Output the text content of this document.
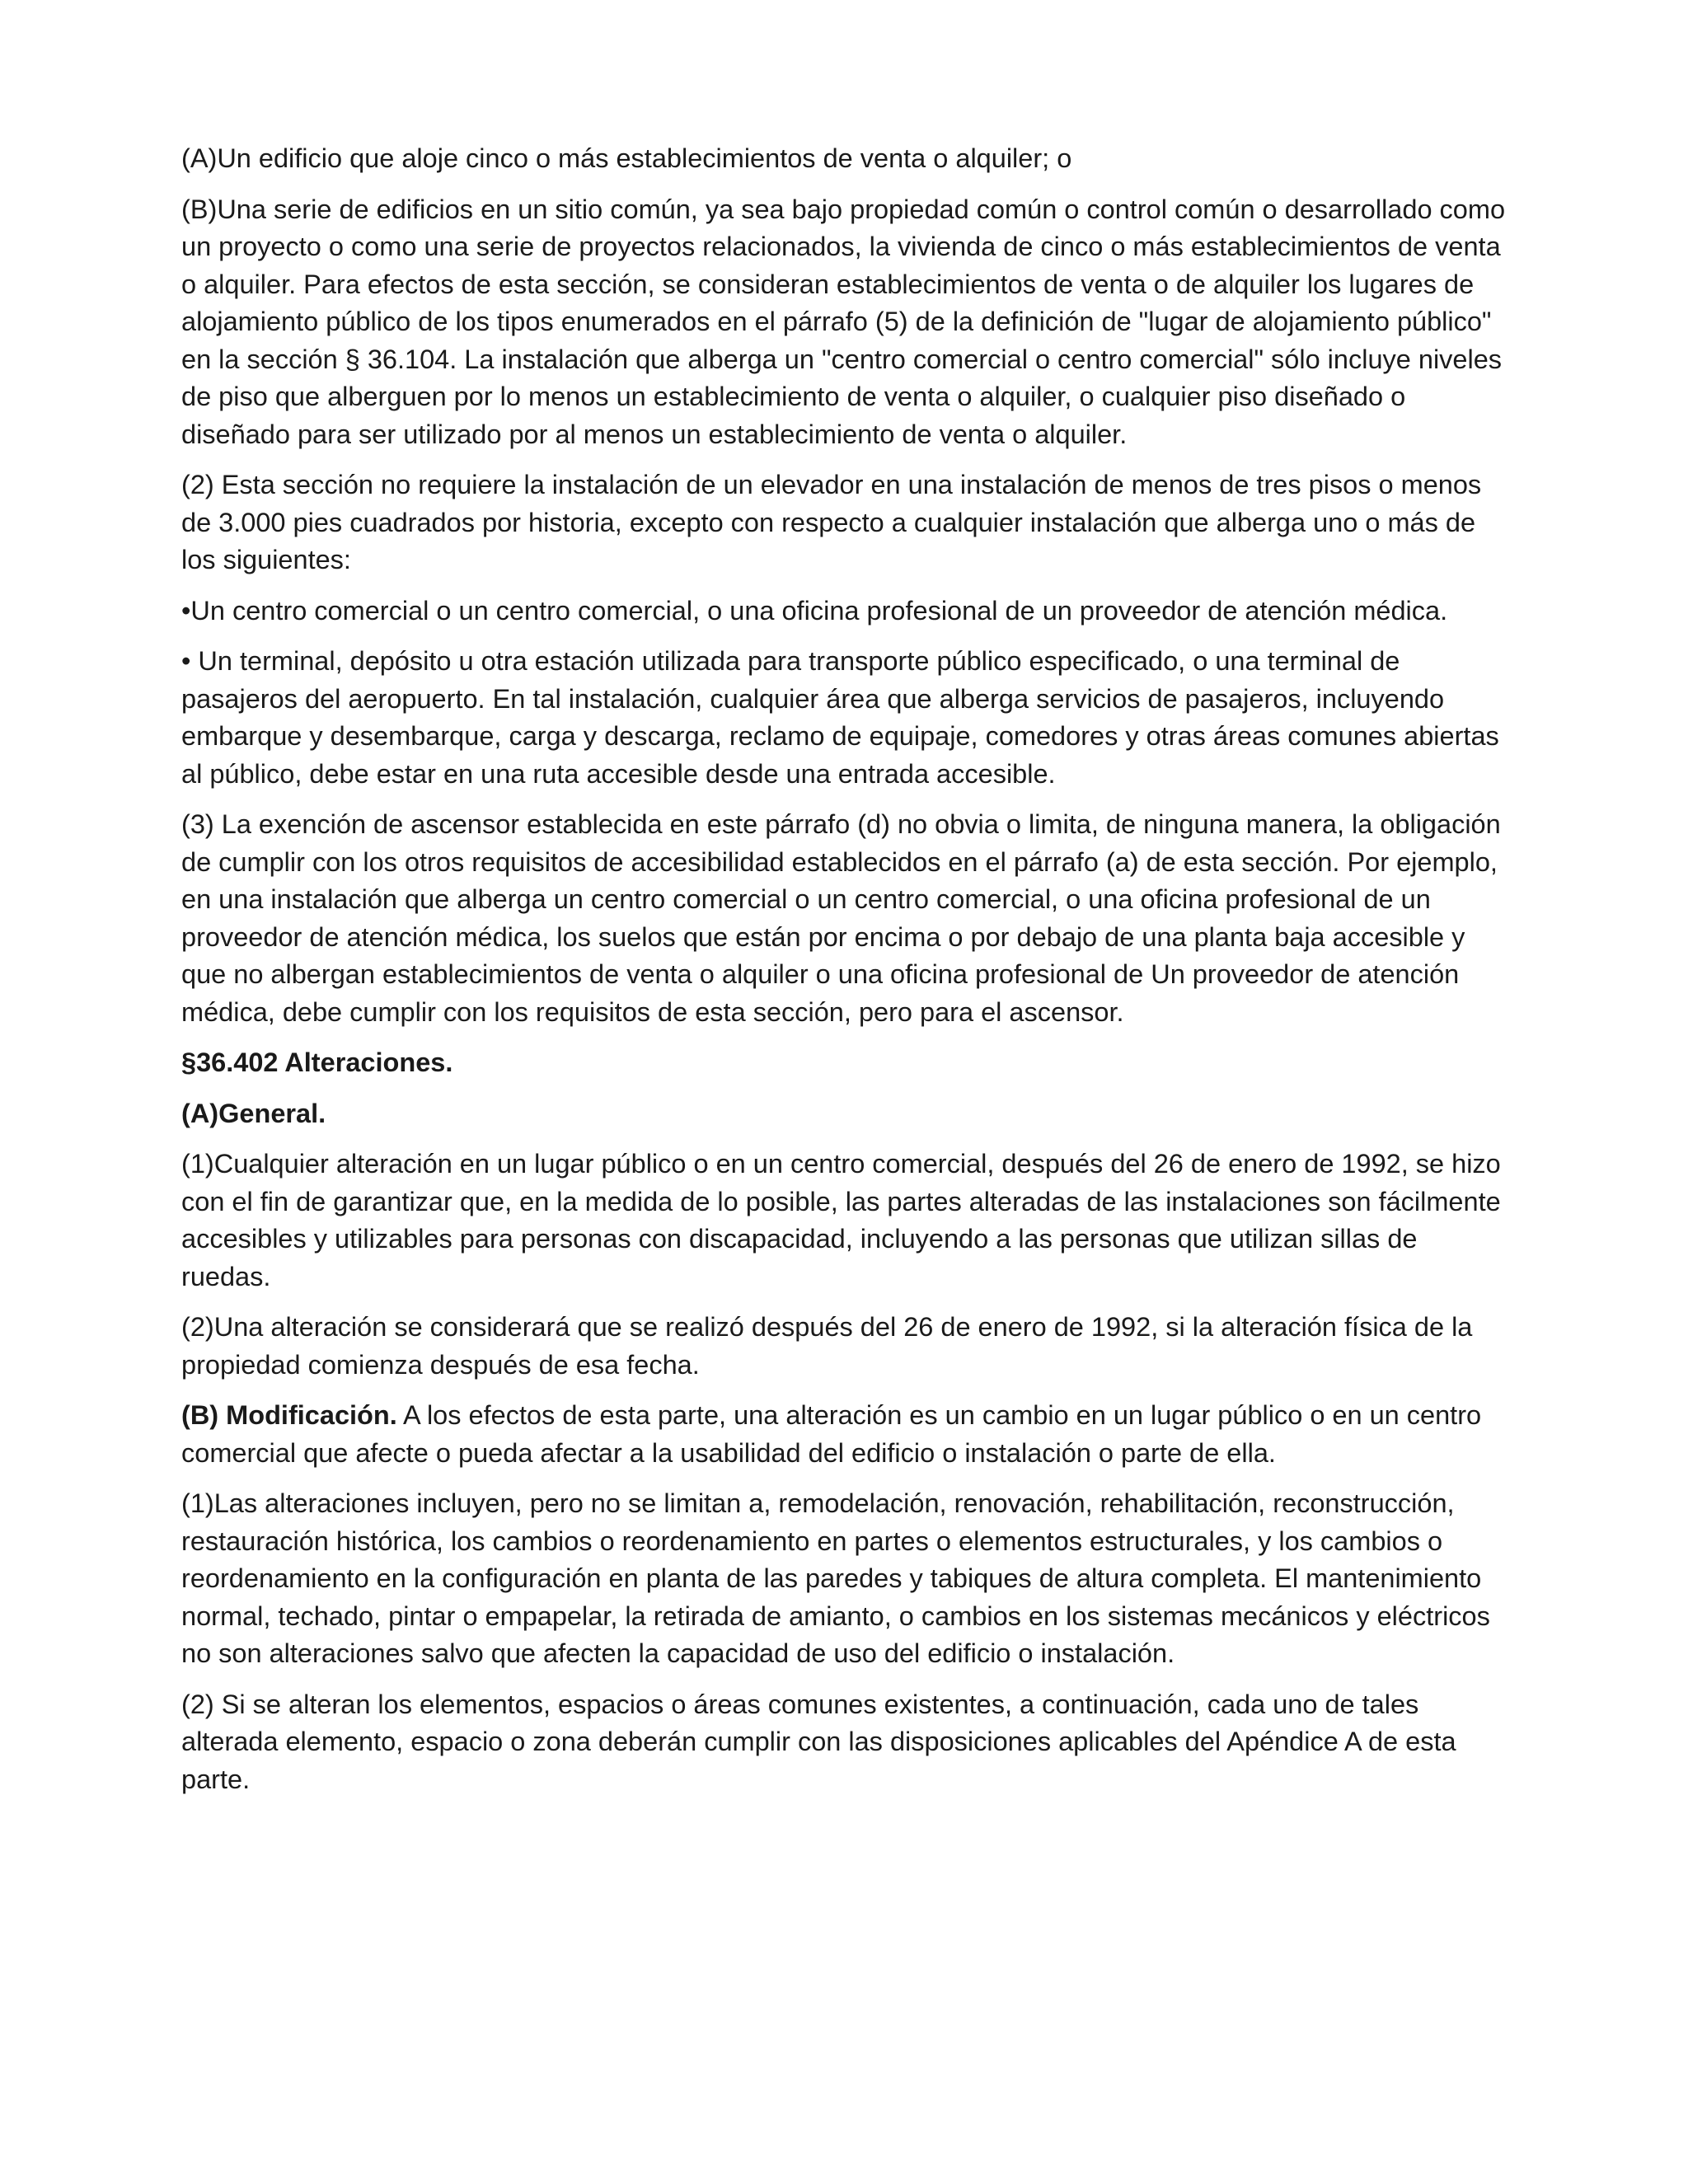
(A)Un edificio que aloje cinco o más establecimientos de venta o alquiler; o

(B)Una serie de edificios en un sitio común, ya sea bajo propiedad común o control común o desarrollado como un proyecto o como una serie de proyectos relacionados, la vivienda de cinco o más establecimientos de venta o alquiler. Para efectos de esta sección, se consideran establecimientos de venta o de alquiler los lugares de alojamiento público de los tipos enumerados en el párrafo (5) de la definición de "lugar de alojamiento público" en la sección § 36.104. La instalación que alberga un "centro comercial o centro comercial" sólo incluye niveles de piso que alberguen por lo menos un establecimiento de venta o alquiler, o cualquier piso diseñado o diseñado para ser utilizado por al menos un establecimiento de venta o alquiler.

(2) Esta sección no requiere la instalación de un elevador en una instalación de menos de tres pisos o menos de 3.000 pies cuadrados por historia, excepto con respecto a cualquier instalación que alberga uno o más de los siguientes:

•Un centro comercial o un centro comercial, o una oficina profesional de un proveedor de atención médica.

• Un terminal, depósito u otra estación utilizada para transporte público especificado, o una terminal de pasajeros del aeropuerto. En tal instalación, cualquier área que alberga servicios de pasajeros, incluyendo embarque y desembarque, carga y descarga, reclamo de equipaje, comedores y otras áreas comunes abiertas al público, debe estar en una ruta accesible desde una entrada accesible.

(3) La exención de ascensor establecida en este párrafo (d) no obvia o limita, de ninguna manera, la obligación de cumplir con los otros requisitos de accesibilidad establecidos en el párrafo (a) de esta sección. Por ejemplo, en una instalación que alberga un centro comercial o un centro comercial, o una oficina profesional de un proveedor de atención médica, los suelos que están por encima o por debajo de una planta baja accesible y que no albergan establecimientos de venta o alquiler o una oficina profesional de Un proveedor de atención médica, debe cumplir con los requisitos de esta sección, pero para el ascensor.

§36.402 Alteraciones.

(A)General.

(1)Cualquier alteración en un lugar público o en un centro comercial, después del 26 de enero de 1992, se hizo con el fin de garantizar que, en la medida de lo posible, las partes alteradas de las instalaciones son fácilmente accesibles y utilizables para personas con discapacidad, incluyendo a las personas que utilizan sillas de ruedas.

(2)Una alteración se considerará que se realizó después del 26 de enero de 1992, si la alteración física de la propiedad comienza después de esa fecha.

(B) Modificación. A los efectos de esta parte, una alteración es un cambio en un lugar público o en un centro comercial que afecte o pueda afectar a la usabilidad del edificio o instalación o parte de ella.

(1)Las alteraciones incluyen, pero no se limitan a, remodelación, renovación, rehabilitación, reconstrucción, restauración histórica, los cambios o reordenamiento en partes o elementos estructurales, y los cambios o reordenamiento en la configuración en planta de las paredes y tabiques de altura completa. El mantenimiento normal, techado, pintar o empapelar, la retirada de amianto, o cambios en los sistemas mecánicos y eléctricos no son alteraciones salvo que afecten la capacidad de uso del edificio o instalación.

(2) Si se alteran los elementos, espacios o áreas comunes existentes, a continuación, cada uno de tales alterada elemento, espacio o zona deberán cumplir con las disposiciones aplicables del Apéndice A de esta parte.
